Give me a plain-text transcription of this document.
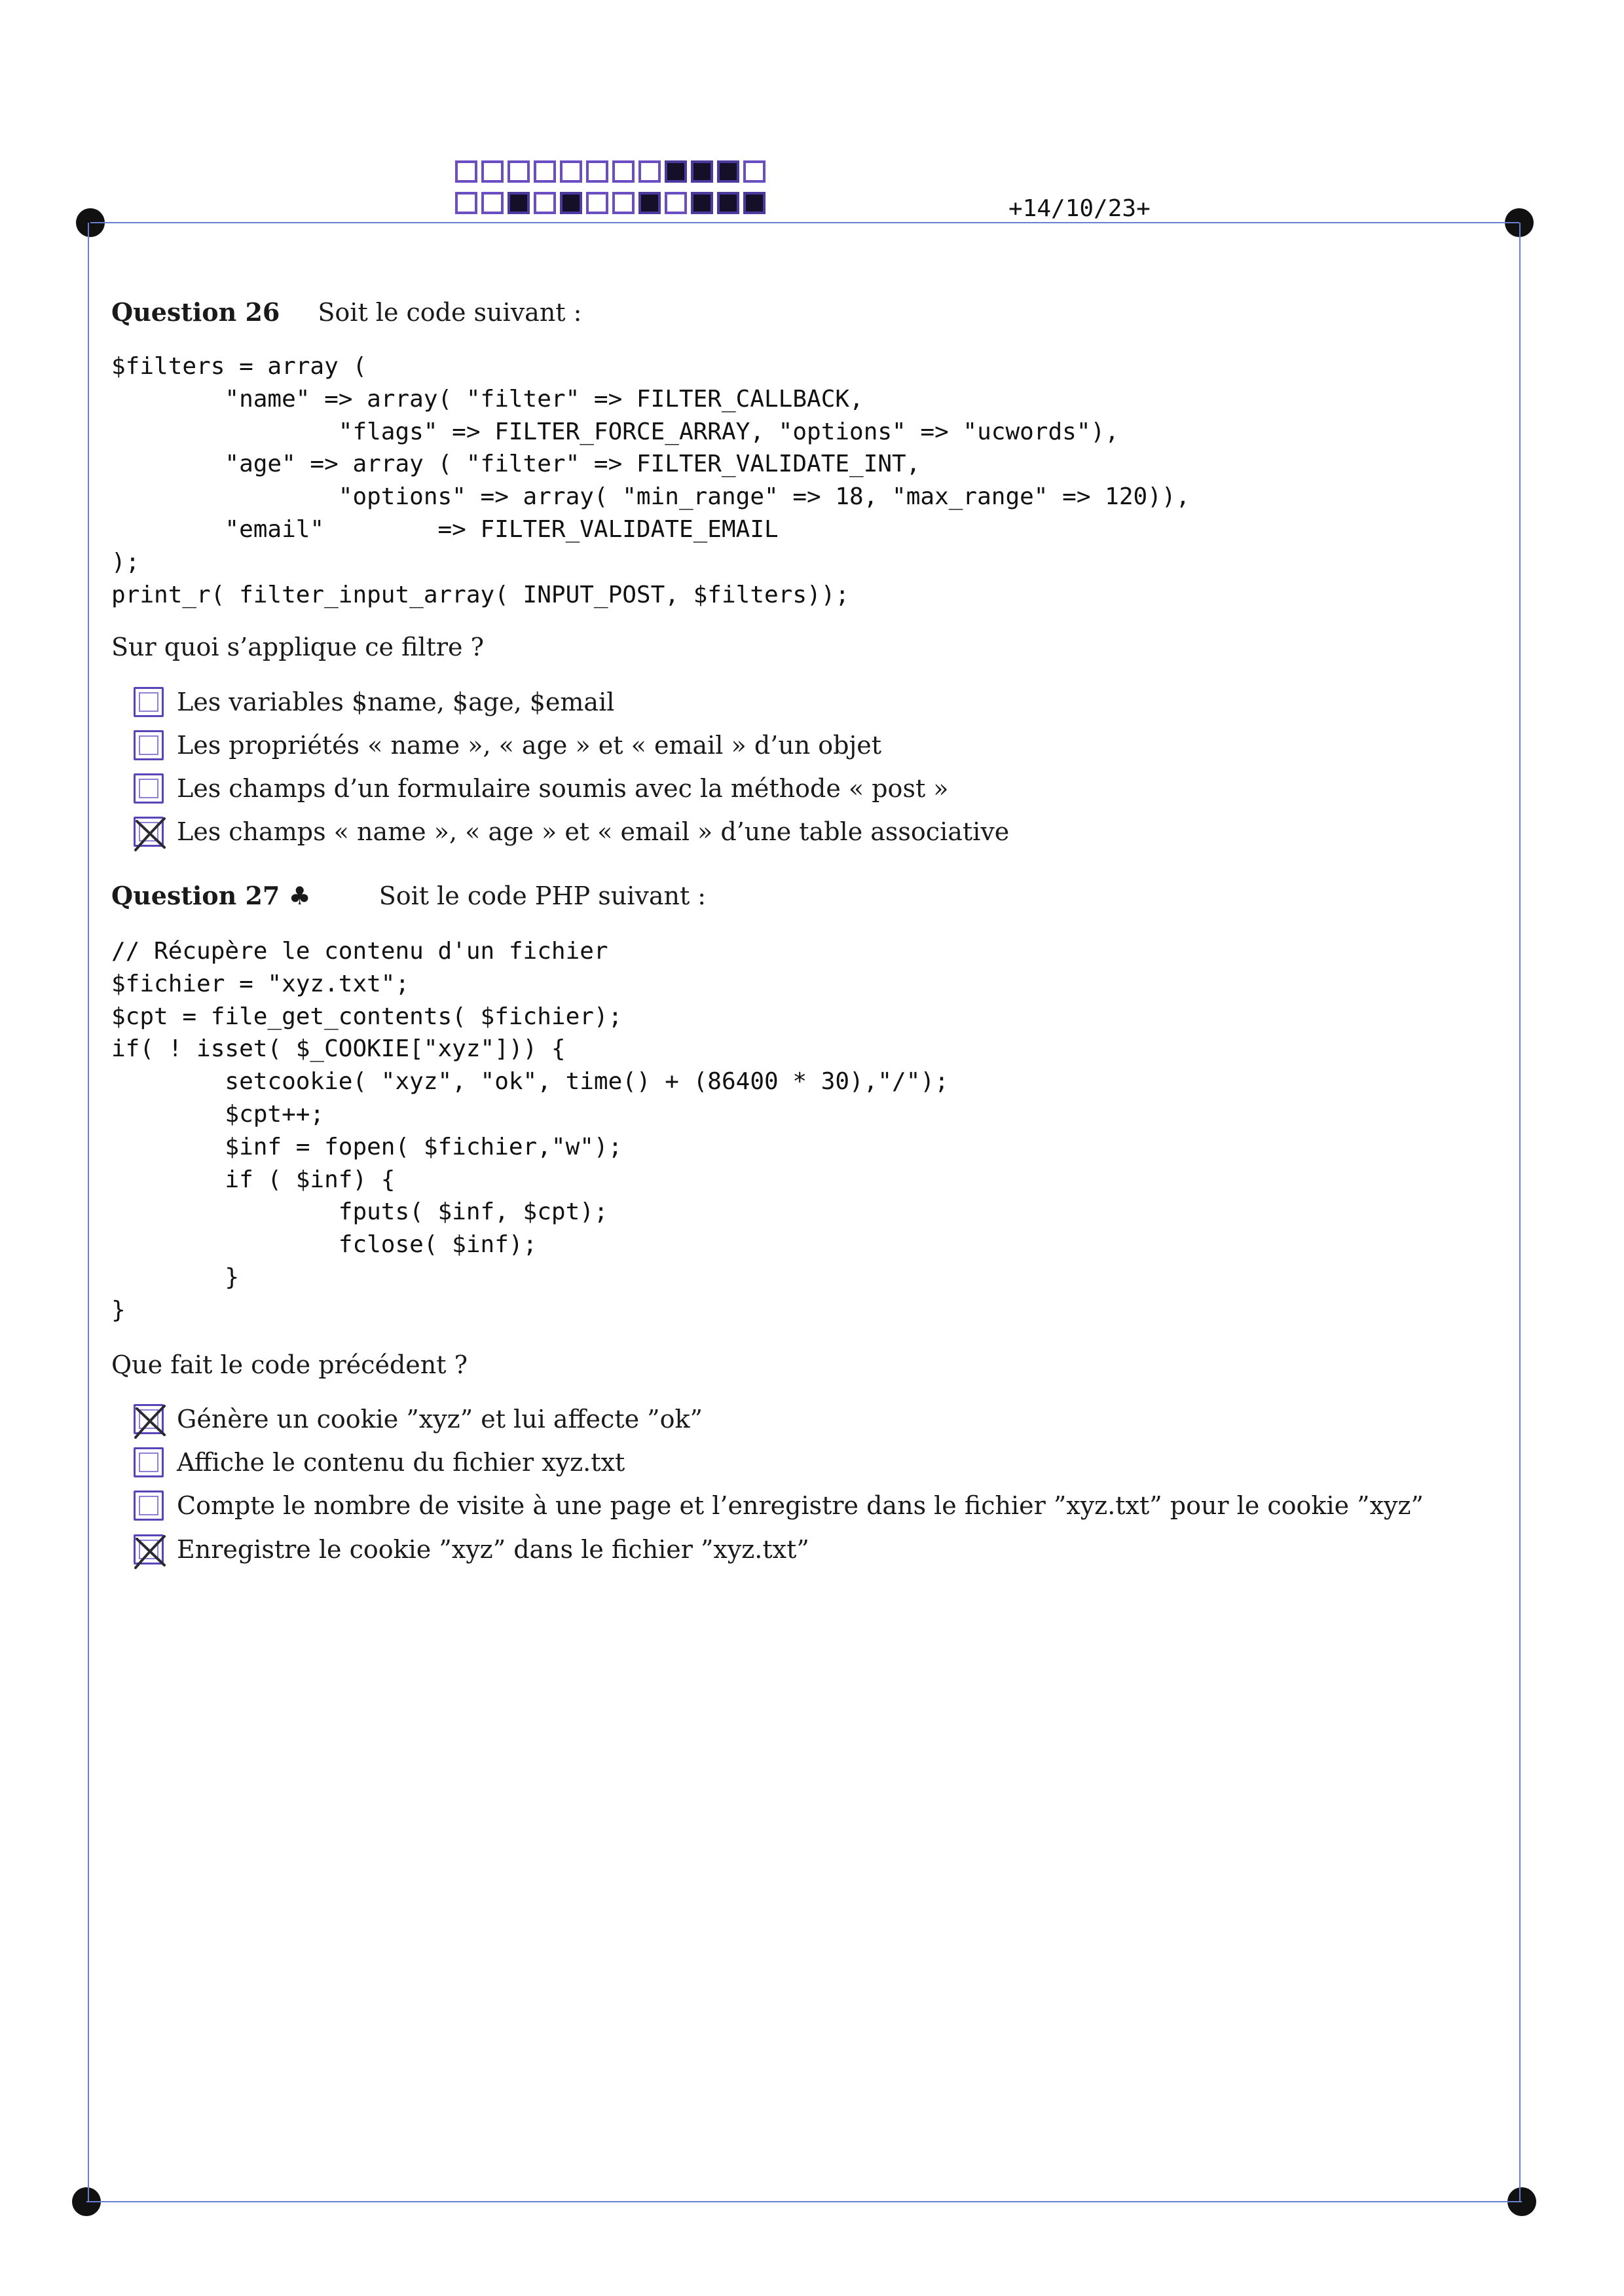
+14/10/23+
Question 26 Soit le code suivant :
$filters = array (
"name" => array( "filter" => FILTER_CALLBACK,
"flags" => FILTER_FORCE_ARRAY, "options" => "ucwords"),
"age" => array ( "filter" => FILTER_VALIDATE_INT,
"options" => array( "min_range" => 18, "max_range" => 120)),
"email"        => FILTER_VALIDATE_EMAIL
);
print_r( filter_input_array( INPUT_POST, $filters));
Sur quoi s’applique ce filtre ?
Les variables $name, $age, $email
Les propriétés « name », « age » et « email » d’un objet
Les champs d’un formulaire soumis avec la méthode « post »
Les champs « name », « age » et « email » d’une table associative
Question 27 ♣	Soit le code PHP suivant :
// Récupère le contenu d'un fichier
$fichier = "xyz.txt";
$cpt = file_get_contents( $fichier);
if( ! isset( $_COOKIE["xyz"])) {
setcookie( "xyz", "ok", time() + (86400 * 30),"/");
$cpt++;
$inf = fopen( $fichier,"w");
if ( $inf) {
fputs( $inf, $cpt);
fclose( $inf);
}
}
Que fait le code précédent ?
Génère un cookie ”xyz” et lui affecte ”ok”
Affiche le contenu du fichier xyz.txt
Compte le nombre de visite à une page et l’enregistre dans le fichier ”xyz.txt” pour le cookie ”xyz”
Enregistre le cookie ”xyz” dans le fichier ”xyz.txt”
